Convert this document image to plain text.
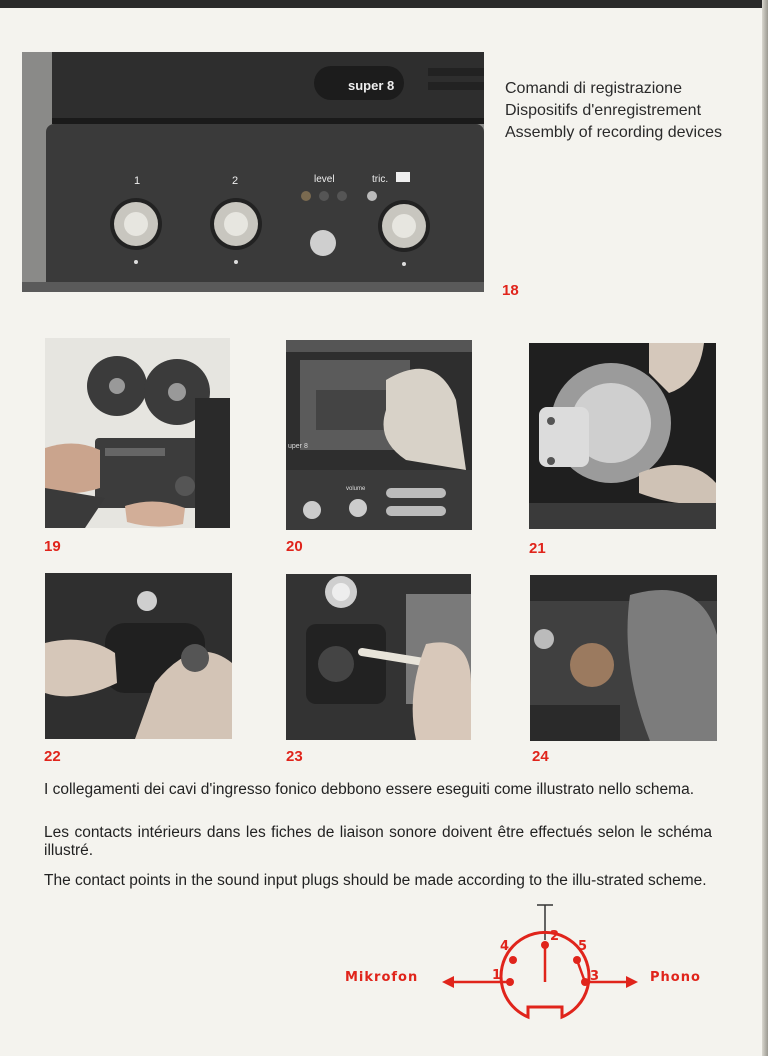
super 8
1	2	level	tric.
18
Comandi di registrazione
Dispositifs d'enregistrement
Assembly of recording devices
19
uper 8
volume
20	21
22	23	24
I collegamenti dei cavi d'ingresso fonico debbono essere eseguiti come illustrato nello schema.
Les contacts intérieurs dans les fiches de liaison sonore doivent être effectués selon le schéma illustré.
The contact points in the sound input plugs should be made according to the illu-strated scheme.
Mikrofon	Phono
1
2
3
4	5
